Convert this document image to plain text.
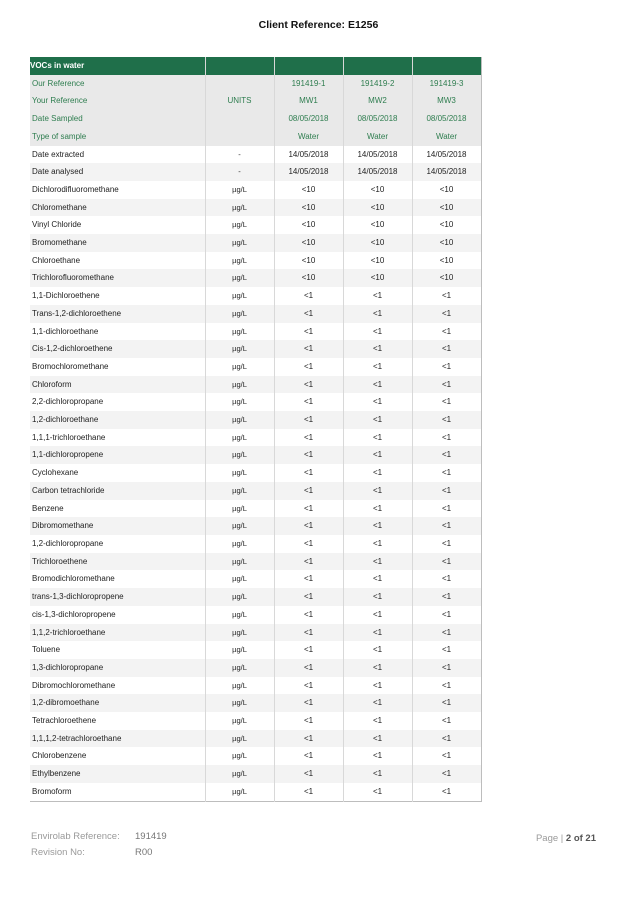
Client Reference: E1256
VOCs in water				
Our Reference		191419-1	191419-2	191419-3
Your Reference	UNITS	MW1	MW2	MW3
Date Sampled		08/05/2018	08/05/2018	08/05/2018
Type of sample		Water	Water	Water
Date extracted	-	14/05/2018	14/05/2018	14/05/2018
Date analysed	-	14/05/2018	14/05/2018	14/05/2018
Dichlorodifluoromethane	µg/L	<10	<10	<10
Chloromethane	µg/L	<10	<10	<10
Vinyl Chloride	µg/L	<10	<10	<10
Bromomethane	µg/L	<10	<10	<10
Chloroethane	µg/L	<10	<10	<10
Trichlorofluoromethane	µg/L	<10	<10	<10
1,1-Dichloroethene	µg/L	<1	<1	<1
Trans-1,2-dichloroethene	µg/L	<1	<1	<1
1,1-dichloroethane	µg/L	<1	<1	<1
Cis-1,2-dichloroethene	µg/L	<1	<1	<1
Bromochloromethane	µg/L	<1	<1	<1
Chloroform	µg/L	<1	<1	<1
2,2-dichloropropane	µg/L	<1	<1	<1
1,2-dichloroethane	µg/L	<1	<1	<1
1,1,1-trichloroethane	µg/L	<1	<1	<1
1,1-dichloropropene	µg/L	<1	<1	<1
Cyclohexane	µg/L	<1	<1	<1
Carbon tetrachloride	µg/L	<1	<1	<1
Benzene	µg/L	<1	<1	<1
Dibromomethane	µg/L	<1	<1	<1
1,2-dichloropropane	µg/L	<1	<1	<1
Trichloroethene	µg/L	<1	<1	<1
Bromodichloromethane	µg/L	<1	<1	<1
trans-1,3-dichloropropene	µg/L	<1	<1	<1
cis-1,3-dichloropropene	µg/L	<1	<1	<1
1,1,2-trichloroethane	µg/L	<1	<1	<1
Toluene	µg/L	<1	<1	<1
1,3-dichloropropane	µg/L	<1	<1	<1
Dibromochloromethane	µg/L	<1	<1	<1
1,2-dibromoethane	µg/L	<1	<1	<1
Tetrachloroethene	µg/L	<1	<1	<1
1,1,1,2-tetrachloroethane	µg/L	<1	<1	<1
Chlorobenzene	µg/L	<1	<1	<1
Ethylbenzene	µg/L	<1	<1	<1
Bromoform	µg/L	<1	<1	<1
Envirolab Reference: 191419
Revision No:	R00
Page | 2 of 21
